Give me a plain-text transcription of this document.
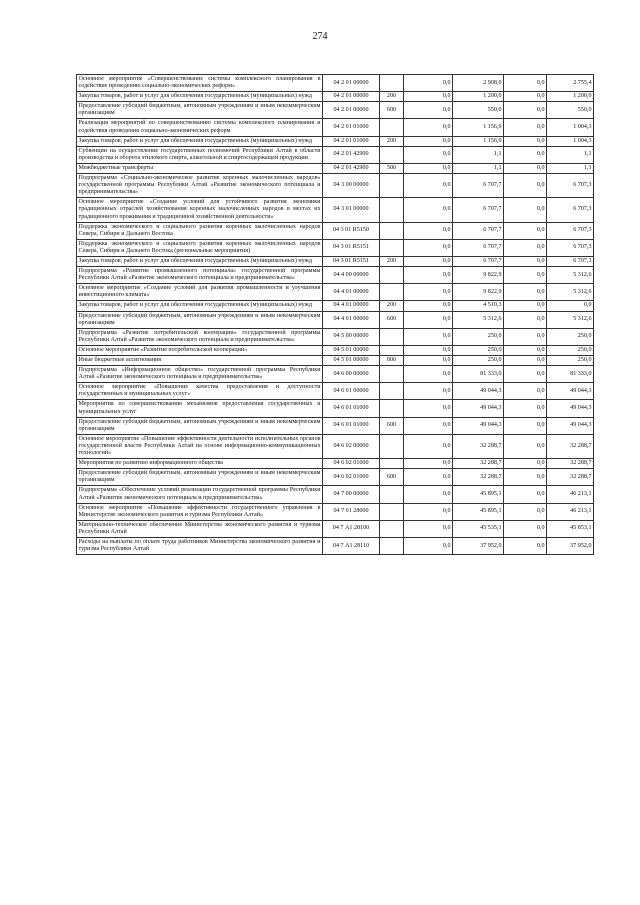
274
Основное мероприятие «Совершенствование системы комплексного планирования в содействие проведению социально-экономических реформ»	04 2 01 00000		0,0	2 908,0	0,0	2 755,4
Закупка товаров, работ и услуг для обеспечения государственных (муниципальных) нужд	04 2 01 00000	200	0,0	1 200,0	0,0	1 200,0
Предоставление субсидий бюджетным, автономным учреждениям и иным некоммерческим организациям	04 2 01 00000	600	0,0	550,0	0,0	550,0
Реализация мероприятий по совершенствованию системы комплексного планирования и содействия проведения социально-экономических реформ	04 2 01 01000		0,0	1 156,9	0,0	1 004,3
Закупка товаров, работ и услуг для обеспечения государственных (муниципальных) нужд	04 2 01 01000	200	0,0	1 156,9	0,0	1 004,3
Субвенции на осуществление государственных полномочий Республики Алтай в области производства и оборота этилового спирта, алкогольной и спиртосодержащей продукции	04 2 01 42900		0,0	1,1	0,0	1,1
Межбюджетные трансферты	04 2 01 42900	500	0,0	1,1	0,0	1,1
Подпрограмма «Социально-экономическое развитие коренных малочисленных народов» государственной программы Республики Алтай «Развитие экономического потенциала и предпринимательства»	04 3 00 00000		0,0	6 707,7	0,0	6 707,3
Основное мероприятие «Создание условий для устойчивого развития экономики традиционных отраслей хозяйствования коренных малочисленных народов в местах их традиционного проживания и традиционной хозяйственной деятельности»	04 3 01 00000		0,0	6 707,7	0,0	6 707,3
Поддержка экономического и социального развития коренных малочисленных народов Севера, Сибири и Дальнего Востока	04 3 01 R5150		0,0	6 707,7	0,0	6 707,3
Поддержка экономического и социального развития коренных малочисленных народов Севера, Сибири и Дальнего Востока (региональные мероприятия)	04 3 01 R5151		0,0	6 707,7	0,0	6 707,3
Закупка товаров, работ и услуг для обеспечения государственных (муниципальных) нужд	04 3 01 R5151	200	0,0	6 707,7	0,0	6 707,3
Подпрограмма «Развитие промышленного потенциала» государственной программы Республики Алтай «Развитие экономического потенциала и предпринимательства»	04 4 00 00000		0,0	9 822,9	0,0	5 312,6
Основное мероприятие «Создание условий для развития промышленности и улучшения инвестиционного климата»	04 4 01 00000		0,0	9 822,9	0,0	5 312,6
Закупка товаров, работ и услуг для обеспечения государственных (муниципальных) нужд	04 4 01 00000	200	0,0	4 510,3	0,0	0,0
Предоставление субсидий бюджетным, автономным учреждениям и иным некоммерческим организациям	04 4 01 00000	600	0,0	5 312,6	0,0	5 312,6
Подпрограмма «Развитие потребительской кооперации» государственной программы Республики Алтай «Развитие экономического потенциала и предпринимательства»	04 5 00 00000		0,0	250,0	0,0	250,0
Основное мероприятие «Развитие потребительской кооперации»	04 5 01 00000		0,0	250,0	0,0	250,0
Иные бюджетные ассигнования	04 5 01 00000	800	0,0	250,0	0,0	250,0
Подпрограмма «Информационное общество» государственной программы Республики Алтай «Развитие экономического потенциала и предпринимательства»	04 6 00 00000		0,0	81 333,0	0,0	81 333,0
Основное мероприятие «Повышение качества предоставления и доступности государственных и муниципальных услуг»	04 6 01 00000		0,0	49 044,3	0,0	49 044,3
Мероприятия по совершенствованию механизмов предоставления государственных и муниципальных услуг	04 6 01 01000		0,0	49 044,3	0,0	49 044,3
Предоставление субсидий бюджетным, автономным учреждениям и иным некоммерческим организациям	04 6 01 01000	600	0,0	49 044,3	0,0	49 044,3
Основное мероприятие «Повышение эффективности деятельности исполнительных органов государственной власти Республики Алтай на основе информационно-коммуникационных технологий»	04 6 02 00000		0,0	32 288,7	0,0	32 288,7
Мероприятия по развитию информационного общества	04 6 02 01000		0,0	32 288,7	0,0	32 288,7
Предоставление субсидий бюджетным, автономным учреждениям и иным некоммерческим организациям	04 6 02 01000	600	0,0	32 288,7	0,0	32 288,7
Подпрограмма «Обеспечение условий реализации государственной программы Республики Алтай «Развитие экономического потенциала и предпринимательства»	04 7 00 00000		0,0	45 895,1	0,0	46 213,1
Основное мероприятие «Повышение эффективности государственного управления в Министерстве экономического развития и туризма Республики Алтай»	04 7 01 28000		0,0	45 895,1	0,0	46 213,1
Материально-техническое обеспечение Министерства экономического развития и туризма Республики Алтай	04 7 А1 28100		0,0	45 535,1	0,0	45 853,1
Расходы на выплаты по оплате труда работников Министерства экономического развития и туризма Республики Алтай	04 7 А1 28110		0,0	37 952,0	0,0	37 952,0
